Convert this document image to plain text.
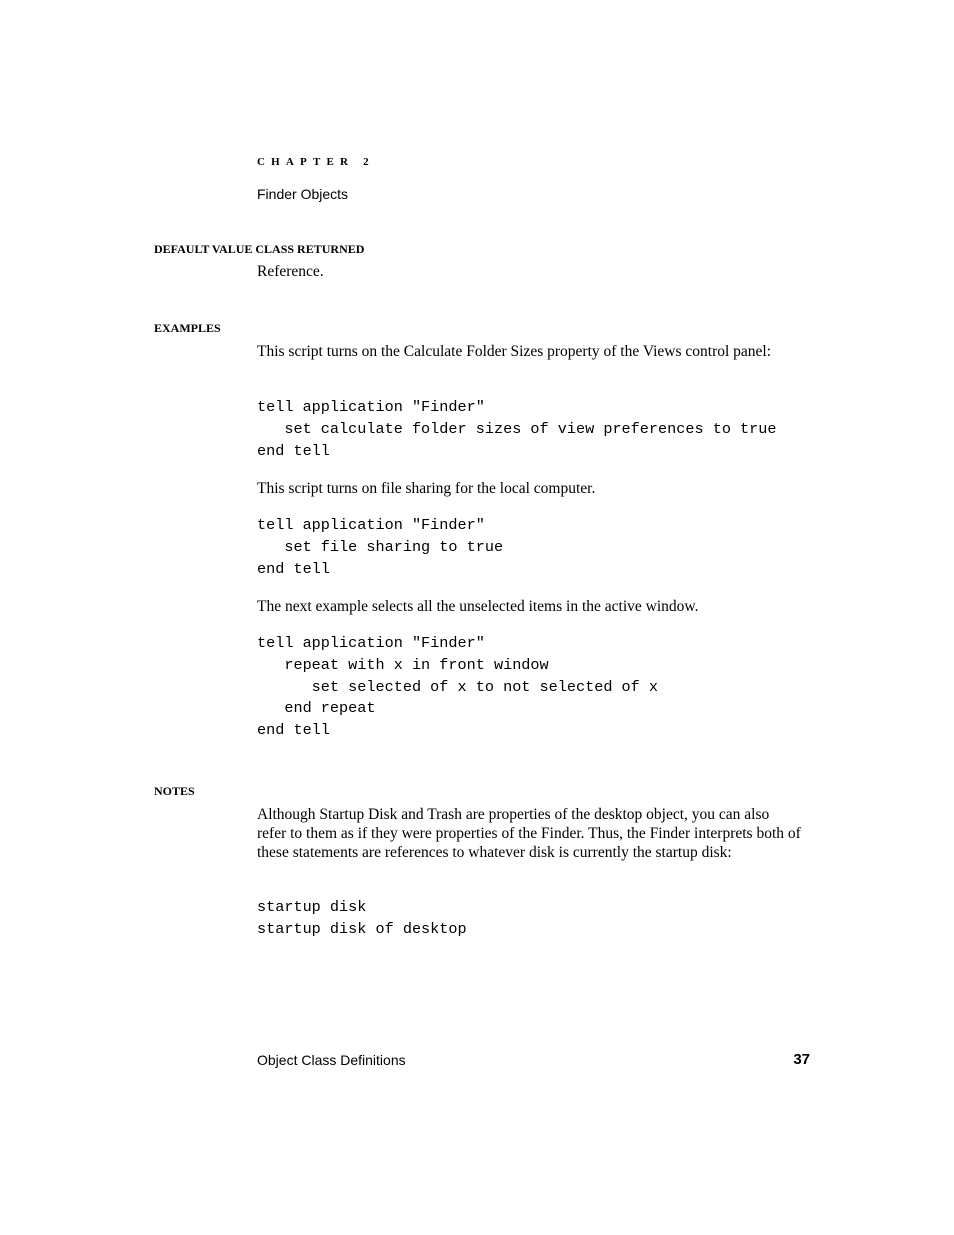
CHAPTER 2
Finder Objects
DEFAULT VALUE CLASS RETURNED
Reference.
EXAMPLES
This script turns on the Calculate Folder Sizes property of the Views control panel:
tell application "Finder"
set calculate folder sizes of view preferences to true
end tell
This script turns on file sharing for the local computer.
tell application "Finder"
set file sharing to true
end tell
The next example selects all the unselected items in the active window.
tell application "Finder"
repeat with x in front window
set selected of x to not selected of x
end repeat
end tell
NOTES
Although Startup Disk and Trash are properties of the desktop object, you can also refer to them as if they were properties of the Finder. Thus, the Finder interprets both of these statements are references to whatever disk is currently the startup disk:
startup disk
startup disk of desktop
Object Class Definitions	37
